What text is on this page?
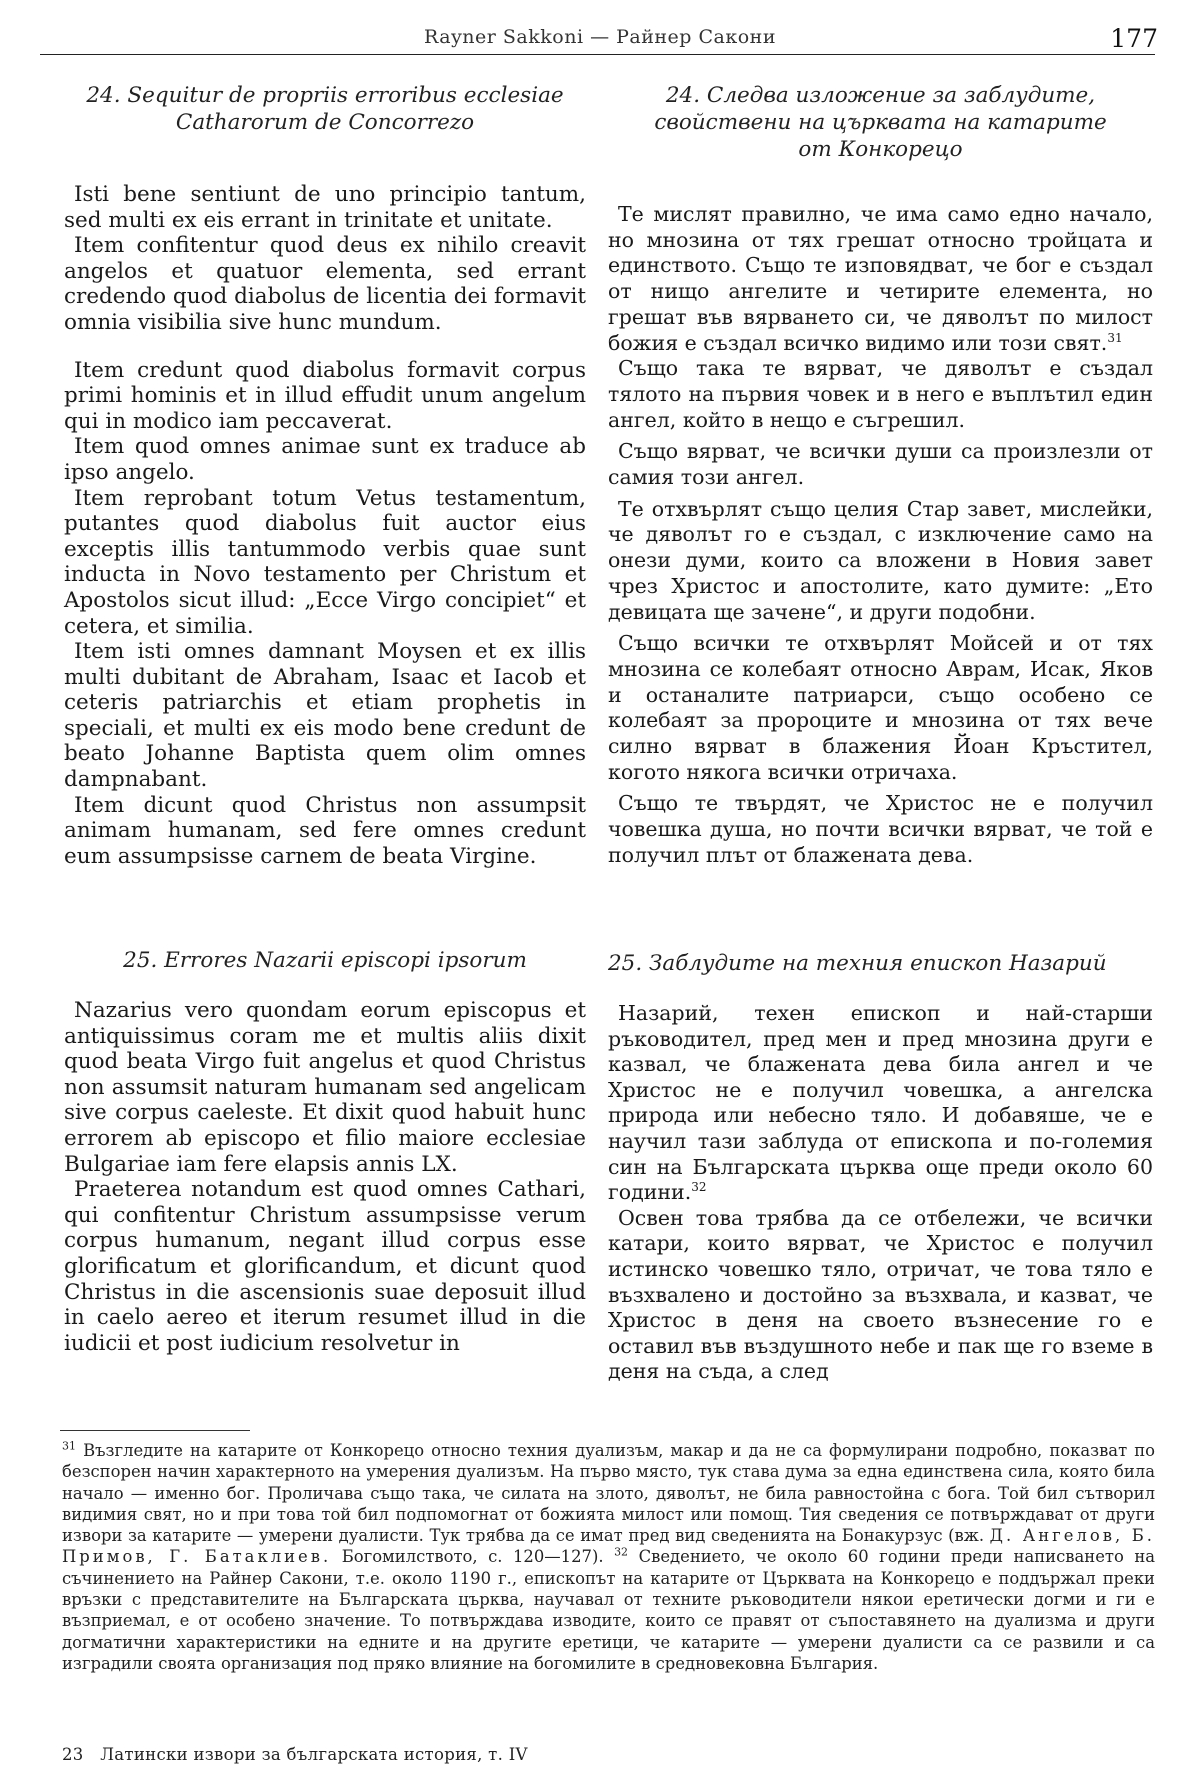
Rayner Sakkoni — Райнер Сакони	177
24. Sequitur de propriis erroribus ecclesiae
Catharorum de Concorrezo

Isti bene sentiunt de uno principio tantum, sed multi ex eis errant in trinitate et unitate.

Item confitentur quod deus ex nihilo creavit angelos et quatuor elementa, sed errant credendo quod diabolus de licentia dei formavit omnia visibilia sive hunc mundum.

Item credunt quod diabolus formavit corpus primi hominis et in illud effudit unum angelum qui in modico iam peccaverat.

Item quod omnes animae sunt ex traduce ab ipso angelo.

Item reprobant totum Vetus testamentum, putantes quod diabolus fuit auctor eius exceptis illis tantummodo verbis quae sunt inducta in Novo testamento per Christum et Apostolos sicut illud: „Ecce Virgo concipiet“ et cetera, et similia.

Item isti omnes damnant Moysen et ex illis multi dubitant de Abraham, Isaac et Iacob et ceteris patriarchis et etiam prophetis in speciali, et multi ex eis modo bene credunt de beato Johanne Baptista quem olim omnes dampnabant.

Item dicunt quod Christus non assumpsit animam humanam, sed fere omnes credunt eum assumpsisse carnem de beata Virgine.

25. Errores Nazarii episcopi ipsorum

Nazarius vero quondam eorum episcopus et antiquissimus coram me et multis aliis dixit quod beata Virgo fuit angelus et quod Christus non assumsit naturam humanam sed angelicam sive corpus caeleste. Et dixit quod habuit hunc errorem ab episcopo et filio maiore ecclesiae Bulgariae iam fere elapsis annis LX.

Praeterea notandum est quod omnes Cathari, qui confitentur Christum assumpsisse verum corpus humanum, negant illud corpus esse glorificatum et glorificandum, et dicunt quod Christus in die ascensionis suae deposuit illud in caelo aereo et iterum resumet illud in die iudicii et post iudicium resolvetur in

24. Следва изложение за заблудите,
свойствени на църквата на катарите
от Конкорецо

Те мислят правилно, че има само едно начало, но мнозина от тях грешат относно тройцата и единството. Също те изповядват, че бог е създал от нищо ангелите и четирите елемента, но грешат във вярването си, че дяволът по милост божия е създал всичко видимо или този свят.$^{31}$

Също така те вярват, че дяволът е създал тялото на първия човек и в него е въплътил един ангел, който в нещо е съгрешил.

Също вярват, че всички души са произлезли от самия този ангел.

Те отхвърлят също целия Стар завет, мислейки, че дяволът го е създал, с изключение само на онези думи, които са вложени в Новия завет чрез Христос и апостолите, като думите: „Ето девицата ще зачене“, и други подобни.

Също всички те отхвърлят Мойсей и от тях мнозина се колебаят относно Аврам, Исак, Яков и останалите патриарси, също особено се колебаят за пророците и мнозина от тях вече силно вярват в блажения Йоан Кръстител, когото някога всички отричаха.

Също те твърдят, че Христос не е получил човешка душа, но почти всички вярват, че той е получил плът от блажената дева.

25. Заблудите на техния епископ Назарий

Назарий, техен епископ и най-старши ръководител, пред мен и пред мнозина други е казвал, че блажената дева била ангел и че Христос не е получил човешка, а ангелска природа или небесно тяло. И добавяше, че е научил тази заблуда от епископа и по-големия син на Българската църква още преди около 60 години.$^{32}$

Освен това трябва да се отбележи, че всички катари, които вярват, че Христос е получил истинско човешко тяло, отричат, че това тяло е възхвалено и достойно за възхвала, и казват, че Христос в деня на своето възнесение го е оставил във въздушното небе и пак ще го вземе в деня на съда, а след

$^{31}$ Възгледите на катарите от Конкорецо относно техния дуализъм, макар и да не са формулирани подробно, показват по безспорен начин характерното на умерения дуализъм. На първо място, тук става дума за една единствена сила, която била начало — именно бог. Проличава също така, че силата на злото, дяволът, не била равностойна с бога. Той бил сътворил видимия свят, но и при това той бил подпомогнат от божията милост или помощ. Тия сведения се потвърждават от други извори за катарите — умерени дуалисти. Тук трябва да се имат пред вид сведенията на Бонакурзус (вж. Д. Ангелов, Б. Примов, Г. Батаклиев. Богомилството, с. 120—127). $^{32}$ Сведението, че около 60 години преди написването на съчинението на Райнер Сакони, т.е. около 1190 г., епископът на катарите от Църквата на Конкорецо е поддържал преки връзки с представителите на Българската църква, научавал от техните ръководители някои еретически догми и ги е възприемал, е от особено значение. То потвърждава изводите, които се правят от съпоставянето на дуализма и други догматични характеристики на едните и на другите еретици, че катарите — умерени дуалисти са се развили и са изградили своята организация под пряко влияние на богомилите в средновековна България.
23   Латински извори за българската история, т. IV
